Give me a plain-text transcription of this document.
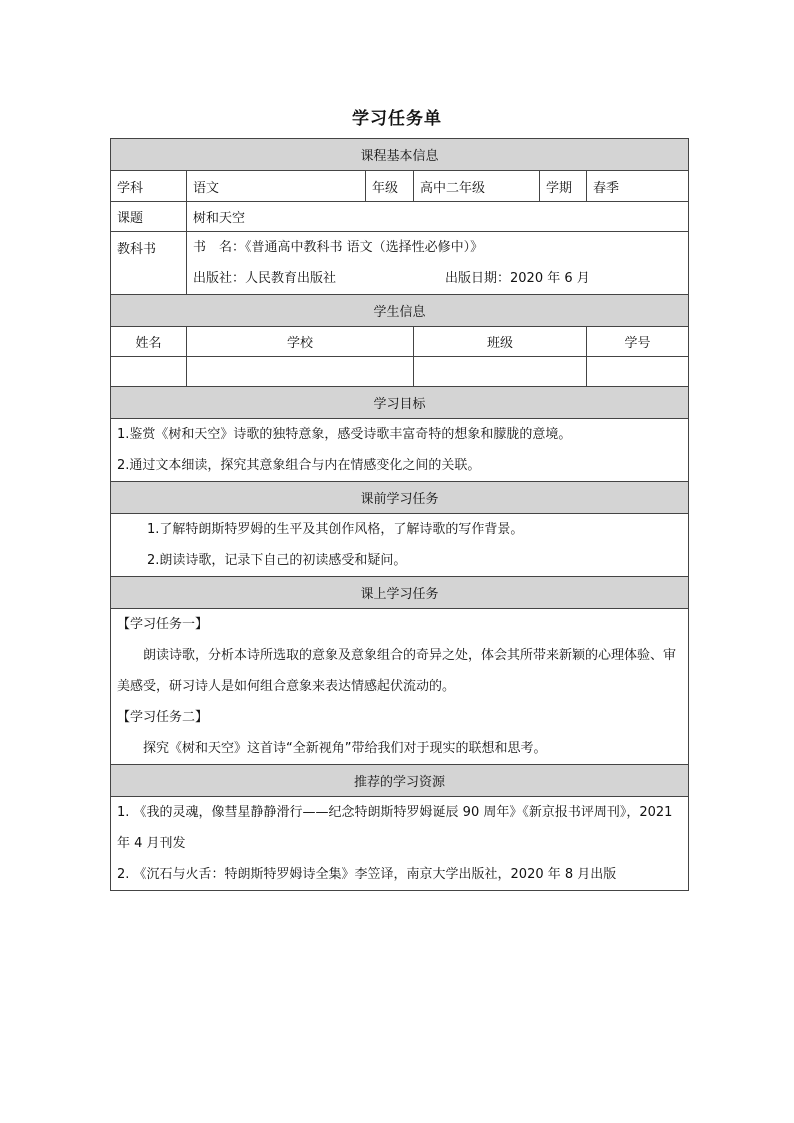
学习任务单
课程基本信息					
学科	语文	年级	高中二年级	学期	春季
课题	树和天空				
教科书	书　名：《普通高中教科书 语文（选择性必修中）》
出版社：人民教育出版社 出版日期：2020 年 6 月				

学生信息					
姓名	学校		班级		学号

学习目标					

1.鉴赏《树和天空》诗歌的独特意象，感受诗歌丰富奇特的想象和朦胧的意境。
2.通过文本细读，探究其意象组合与内在情感变化之间的关联。					

课前学习任务					

1.了解特朗斯特罗姆的生平及其创作风格，了解诗歌的写作背景。
2.朗读诗歌，记录下自己的初读感受和疑问。					

课上学习任务					

【学习任务一】
朗读诗歌，分析本诗所选取的意象及意象组合的奇异之处，体会其所带来新颖的心理体验、审美感受，研习诗人是如何组合意象来表达情感起伏流动的。
【学习任务二】
探究《树和天空》这首诗“全新视角”带给我们对于现实的联想和思考。					

推荐的学习资源					

1. 《我的灵魂，像彗星静静滑行——纪念特朗斯特罗姆诞辰 90 周年》《新京报书评周刊》，2021 年 4 月刊发
2. 《沉石与火舌：特朗斯特罗姆诗全集》李笠译，南京大学出版社，2020 年 8 月出版					
